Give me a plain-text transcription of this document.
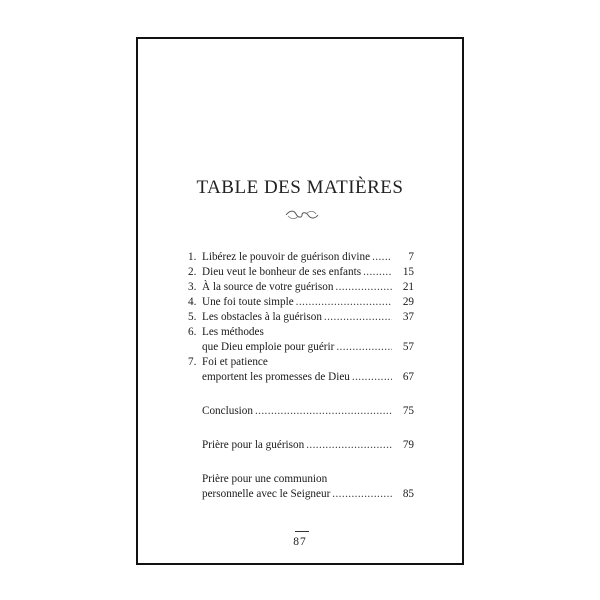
TABLE DES MATIÈRES
1. Libérez le pouvoir de guérison divine . . .	7
2. Dieu veut le bonheur de ses enfants . . .	15
3. À la source de votre guérison . . .	21
4. Une foi toute simple . . .	29
5. Les obstacles à la guérison . . .	37
6. Les méthodes
que Dieu emploie pour guérir . . .	57
7. Foi et patience
emportent les promesses de Dieu . . .	67
Conclusion . . .	75
Prière pour la guérison . . .	79
Prière pour une communion
personnelle avec le Seigneur . . .	85
87
